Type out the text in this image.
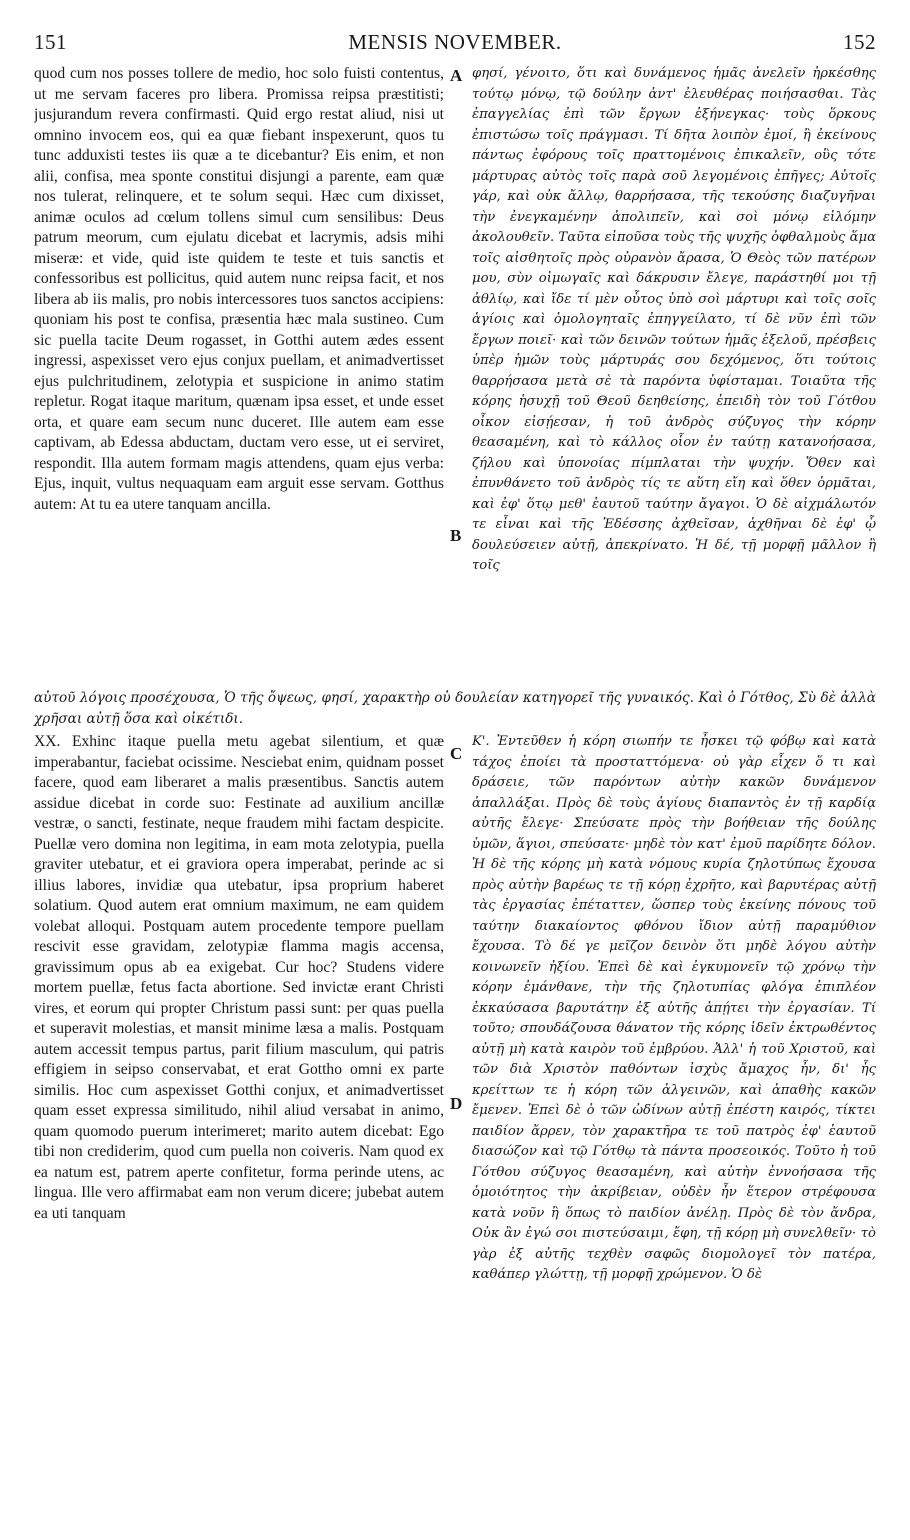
151	MENSIS NOVEMBER.	152
A
B
C
D

quod cum nos posses tollere de medio, hoc solo fuisti contentus, ut me servam faceres pro libera. Promissa reipsa præstitisti; jusjurandum revera confirmasti. Quid ergo restat aliud, nisi ut omnino invocem eos, qui ea quæ fiebant inspexerunt, quos tu tunc adduxisti testes iis quæ a te dicebantur? Eis enim, et non alii, confisa, mea sponte constitui disjungi a parente, eam quæ nos tulerat, relinquere, et te solum sequi. Hæc cum dixisset, animæ oculos ad cœlum tollens simul cum sensilibus: Deus patrum meorum, cum ejulatu dicebat et lacrymis, adsis mihi miseræ: et vide, quid iste quidem te teste et tuis sanctis et confessoribus est pollicitus, quid autem nunc reipsa facit, et nos libera ab iis malis, pro nobis intercessores tuos sanctos accipiens: quoniam his post te confisa, præsentia hæc mala sustineo. Cum sic puella tacite Deum rogasset, in Gotthi autem ædes essent ingressi, aspexisset vero ejus conjux puellam, et animadvertisset ejus pulchritudinem, zelotypia et suspicione in animo statim repletur. Rogat itaque maritum, quænam ipsa esset, et unde esset orta, et quare eam secum nunc duceret. Ille autem eam esse captivam, ab Edessa abductam, ductam vero esse, ut ei serviret, respondit. Illa autem formam magis attendens, quam ejus verba: Ejus, inquit, vultus nequaquam eam arguit esse servam. Gotthus autem: At tu ea utere tanquam ancilla.

φησί, γένοιτο, ὅτι καὶ δυνάμενος ἡμᾶς ἀνελεῖν ἠρκέσθης τούτῳ μόνῳ, τῷ δούλην ἀντ' ἐλευθέρας ποιήσασθαι. Τὰς ἐπαγγελίας ἐπὶ τῶν ἔργων ἐξήνεγκας· τοὺς ὅρκους ἐπιστώσω τοῖς πράγμασι. Τί δῆτα λοιπὸν ἐμοί, ἢ ἐκείνους πάντως ἐφόρους τοῖς πραττομένοις ἐπικαλεῖν, οὓς τότε μάρτυρας αὐτὸς τοῖς παρὰ σοῦ λεγομένοις ἐπῆγες; Αὐτοῖς γάρ, καὶ οὐκ ἄλλῳ, θαρρήσασα, τῆς τεκούσης διαζυγῆναι τὴν ἐνεγκαμένην ἀπολιπεῖν, καὶ σοὶ μόνῳ εἱλόμην ἀκολουθεῖν. Ταῦτα εἰποῦσα τοὺς τῆς ψυχῆς ὀφθαλμοὺς ἅμα τοῖς αἰσθητοῖς πρὸς οὐρανὸν ἄρασα, Ὁ Θεὸς τῶν πατέρων μου, σὺν οἰμωγαῖς καὶ δάκρυσιν ἔλεγε, παράστηθί μοι τῇ ἀθλίῳ, καὶ ἴδε τί μὲν οὗτος ὑπὸ σοὶ μάρτυρι καὶ τοῖς σοῖς ἁγίοις καὶ ὁμολογηταῖς ἐπηγγείλατο, τί δὲ νῦν ἐπὶ τῶν ἔργων ποιεῖ· καὶ τῶν δεινῶν τούτων ἡμᾶς ἐξελοῦ, πρέσβεις ὑπὲρ ἡμῶν τοὺς μάρτυράς σου δεχόμενος, ὅτι τούτοις θαρρήσασα μετὰ σὲ τὰ παρόντα ὑφίσταμαι. Τοιαῦτα τῆς κόρης ἡσυχῇ τοῦ Θεοῦ δεηθείσης, ἐπειδὴ τὸν τοῦ Γότθου οἶκον εἰσῄεσαν, ἡ τοῦ ἀνδρὸς σύζυγος τὴν κόρην θεασαμένη, καὶ τὸ κάλλος οἷον ἐν ταύτῃ κατανοήσασα, ζήλου καὶ ὑπονοίας πίμπλαται τὴν ψυχήν. Ὅθεν καὶ ἐπυνθάνετο τοῦ ἀνδρὸς τίς τε αὕτη εἴη καὶ ὅθεν ὁρμᾶται, καὶ ἐφ' ὅτῳ μεθ' ἑαυτοῦ ταύτην ἄγαγοι. Ὁ δὲ αἰχμάλωτόν τε εἶναι καὶ τῆς Ἐδέσσης ἀχθεῖσαν, ἀχθῆναι δὲ ἐφ' ᾧ δουλεύσειεν αὐτῇ, ἀπεκρίνατο. Ἡ δέ, τῇ μορφῇ μᾶλλον ἢ τοῖς

αὐτοῦ λόγοις προσέχουσα, Ὁ τῆς ὄψεως, φησί, χαρακτὴρ οὐ δουλείαν κατηγορεῖ τῆς γυναικός. Καὶ ὁ Γότθος, Σὺ δὲ ἀλλὰ χρῆσαι αὐτῇ ὅσα καὶ οἰκέτιδι.

XX. Exhinc itaque puella metu agebat silentium, et quæ imperabantur, faciebat ocissime. Nesciebat enim, quidnam posset facere, quod eam liberaret a malis præsentibus. Sanctis autem assidue dicebat in corde suo: Festinate ad auxilium ancillæ vestræ, o sancti, festinate, neque fraudem mihi factam despicite. Puellæ vero domina non legitima, in eam mota zelotypia, puella graviter utebatur, et ei graviora opera imperabat, perinde ac si illius labores, invidiæ qua utebatur, ipsa proprium haberet solatium. Quod autem erat omnium maximum, ne eam quidem volebat alloqui. Postquam autem procedente tempore puellam rescivit esse gravidam, zelotypiæ flamma magis accensa, gravissimum opus ab ea exigebat. Cur hoc? Studens videre mortem puellæ, fetus facta abortione. Sed invictæ erant Christi vires, et eorum qui propter Christum passi sunt: per quas puella et superavit molestias, et mansit minime læsa a malis. Postquam autem accessit tempus partus, parit filium masculum, qui patris effigiem in seipso conservabat, et erat Gottho omni ex parte similis. Hoc cum aspexisset Gotthi conjux, et animadvertisset quam esset expressa similitudo, nihil aliud versabat in animo, quam quomodo puerum interimeret; marito autem dicebat: Ego tibi non crediderim, quod cum puella non coiveris. Nam quod ex ea natum est, patrem aperte confitetur, forma perinde utens, ac lingua. Ille vero affirmabat eam non verum dicere; jubebat autem ea uti tanquam

Κ'. Ἐντεῦθεν ἡ κόρη σιωπήν τε ἦσκει τῷ φόβῳ καὶ κατὰ τάχος ἐποίει τὰ προσταττόμενα· οὐ γὰρ εἶχεν ὅ τι καὶ δράσειε, τῶν παρόντων αὐτὴν κακῶν δυνάμενον ἀπαλλάξαι. Πρὸς δὲ τοὺς ἁγίους διαπαντὸς ἐν τῇ καρδίᾳ αὐτῆς ἔλεγε· Σπεύσατε πρὸς τὴν βοήθειαν τῆς δούλης ὑμῶν, ἅγιοι, σπεύσατε· μηδὲ τὸν κατ' ἐμοῦ παρίδητε δόλον. Ἡ δὲ τῆς κόρης μὴ κατὰ νόμους κυρία ζηλοτύπως ἔχουσα πρὸς αὐτὴν βαρέως τε τῇ κόρῃ ἐχρῆτο, καὶ βαρυτέρας αὐτῇ τὰς ἐργασίας ἐπέταττεν, ὥσπερ τοὺς ἐκείνης πόνους τοῦ ταύτην διακαίοντος φθόνου ἴδιον αὐτῇ παραμύθιον ἔχουσα. Τὸ δέ γε μεῖζον δεινὸν ὅτι μηδὲ λόγου αὐτὴν κοινωνεῖν ἠξίου. Ἐπεὶ δὲ καὶ ἐγκυμονεῖν τῷ χρόνῳ τὴν κόρην ἐμάνθανε, τὴν τῆς ζηλοτυπίας φλόγα ἐπιπλέον ἐκκαύσασα βαρυτάτην ἐξ αὐτῆς ἀπῄτει τὴν ἐργασίαν. Τί τοῦτο; σπουδάζουσα θάνατον τῆς κόρης ἰδεῖν ἐκτρωθέντος αὐτῇ μὴ κατὰ καιρὸν τοῦ ἐμβρύου. Ἀλλ' ἡ τοῦ Χριστοῦ, καὶ τῶν διὰ Χριστὸν παθόντων ἰσχὺς ἄμαχος ἦν, δι' ἧς κρείττων τε ἡ κόρη τῶν ἀλγεινῶν, καὶ ἀπαθὴς κακῶν ἔμενεν. Ἐπεὶ δὲ ὁ τῶν ὠδίνων αὐτῇ ἐπέστη καιρός, τίκτει παιδίον ἄρρεν, τὸν χαρακτῆρα τε τοῦ πατρὸς ἐφ' ἑαυτοῦ διασώζον καὶ τῷ Γότθῳ τὰ πάντα προσεοικός. Τοῦτο ἡ τοῦ Γότθου σύζυγος θεασαμένη, καὶ αὐτὴν ἐννοήσασα τῆς ὁμοιότητος τὴν ἀκρίβειαν, οὐδὲν ἦν ἕτερον στρέφουσα κατὰ νοῦν ἢ ὅπως τὸ παιδίον ἀνέλῃ. Πρὸς δὲ τὸν ἄνδρα, Οὐκ ἂν ἐγώ σοι πιστεύσαιμι, ἔφη, τῇ κόρῃ μὴ συνελθεῖν· τὸ γὰρ ἐξ αὐτῆς τεχθὲν σαφῶς διομολογεῖ τὸν πατέρα, καθάπερ γλώττῃ, τῇ μορφῇ χρώμενον. Ὁ δὲ
